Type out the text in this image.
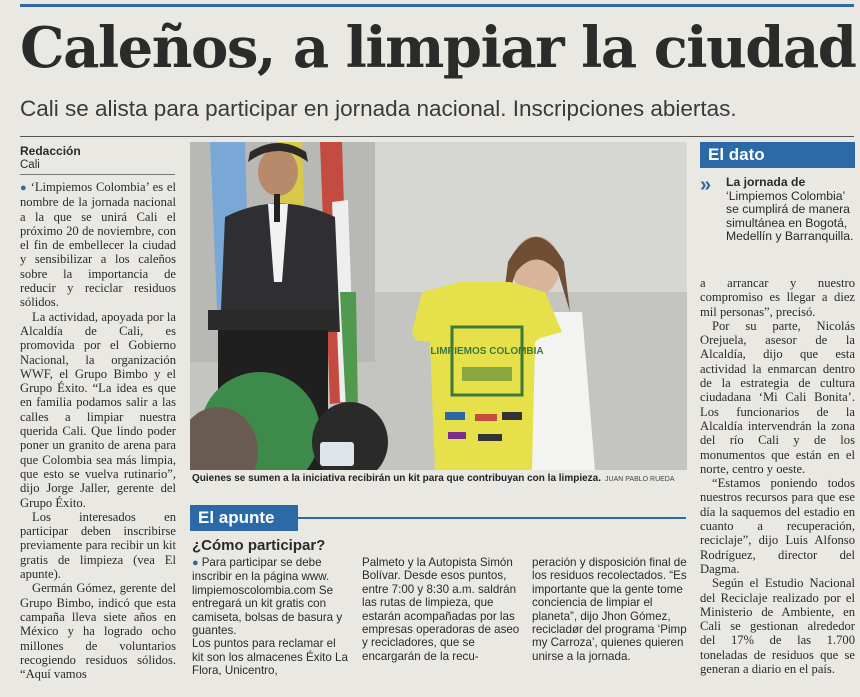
Caleños, a limpiar la ciudad
Cali se alista para participar en jornada nacional. Inscripciones abiertas.
Redacción
Cali

● ‘Limpiemos Colombia’ es el nombre de la jornada nacional a la que se unirá Cali el próximo 20 de noviembre, con el fin de embellecer la ciudad y sensibilizar a los caleños sobre la importancia de reducir y reciclar residuos sólidos.

La actividad, apoyada por la Alcaldía de Cali, es promovida por el Gobierno Nacional, la organización WWF, el Grupo Bimbo y el Grupo Éxito. “La idea es que en familia podamos salir a las calles a limpiar nuestra querida Cali. Que lindo poder poner un granito de arena para que Colombia sea más limpia, que esto se vuelva rutinario”, dijo Jorge Jaller, gerente del Grupo Éxito.

Los interesados en participar deben inscribirse previamente para recibir un kit gratis de limpieza (vea El apunte).

Germán Gómez, gerente del Grupo Bimbo, indicó que esta campaña lleva siete años en México y ha logrado ocho millones de voluntarios recogiendo residuos sólidos. “Aquí vamos

LIMPIEMOS COLOMBIA
Quienes se sumen a la iniciativa recibirán un kit para que contribuyan con la limpieza. JUAN PABLO RUEDA
El dato
» La jornada de ‘Limpiemos Colombia’ se cumplirá de manera simultánea en Bogotá, Medellín y Barranquilla.

a arrancar y nuestro compromiso es llegar a diez mil personas”, precisó.

Por su parte, Nicolás Orejuela, asesor de la Alcaldía, dijo que esta actividad la enmarcan dentro de la estrategia de cultura ciudadana ‘Mi Cali Bonita’. Los funcionarios de la Alcaldía intervendrán la zona del río Cali y de los monumentos que están en el norte, centro y oeste.

“Estamos poniendo todos nuestros recursos para que ese día la saquemos del estadio en cuanto a recuperación, reciclaje”, dijo Luis Alfonso Rodríguez, director del Dagma.

Según el Estudio Nacional del Reciclaje realizado por el Ministerio de Ambiente, en Cali se gestionan alrededor del 17% de las 1.700 toneladas de residuos que se generan a diario en el país.

El apunte
¿Cómo participar?

● Para participar se debe inscribir en la página www. limpiemoscolombia.com Se entregará un kit gratis con camiseta, bolsas de basura y guantes.

Los puntos para reclamar el kit son los almacenes Éxito La Flora, Unicentro,

Palmeto y la Autopista Simón Bolívar. Desde esos puntos, entre 7:00 y 8:30 a.m. saldrán las rutas de limpieza, que estarán acompañadas por las empresas operadoras de aseo y recicladores, que se encargarán de la recu-

peración y disposición final de los residuos recolectados. “Es importante que la gente tome conciencia de limpiar el planeta”, dijo Jhon Gómez, recicladør del programa ‘Pimp my Carroza’, quienes quieren unirse a la jornada.
